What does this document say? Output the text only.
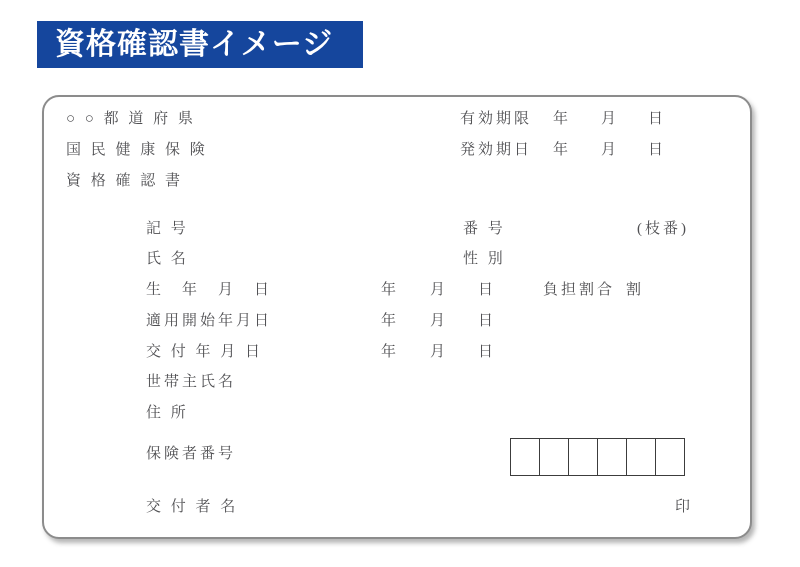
資格確認書イメージ
○ ○ 都 道 府 県
国 民 健 康 保 険
資 格 確 認 書
有効期限 年 月 日
発効期日 年 月 日
記 号	番 号	(枝番)
氏 名	性 別
生　年　月　日	年 月 日	負担割合 割
適用開始年月日	年 月 日
交 付 年 月 日	年 月 日
世帯主氏名
住 所
保険者番号
交 付 者 名	印
